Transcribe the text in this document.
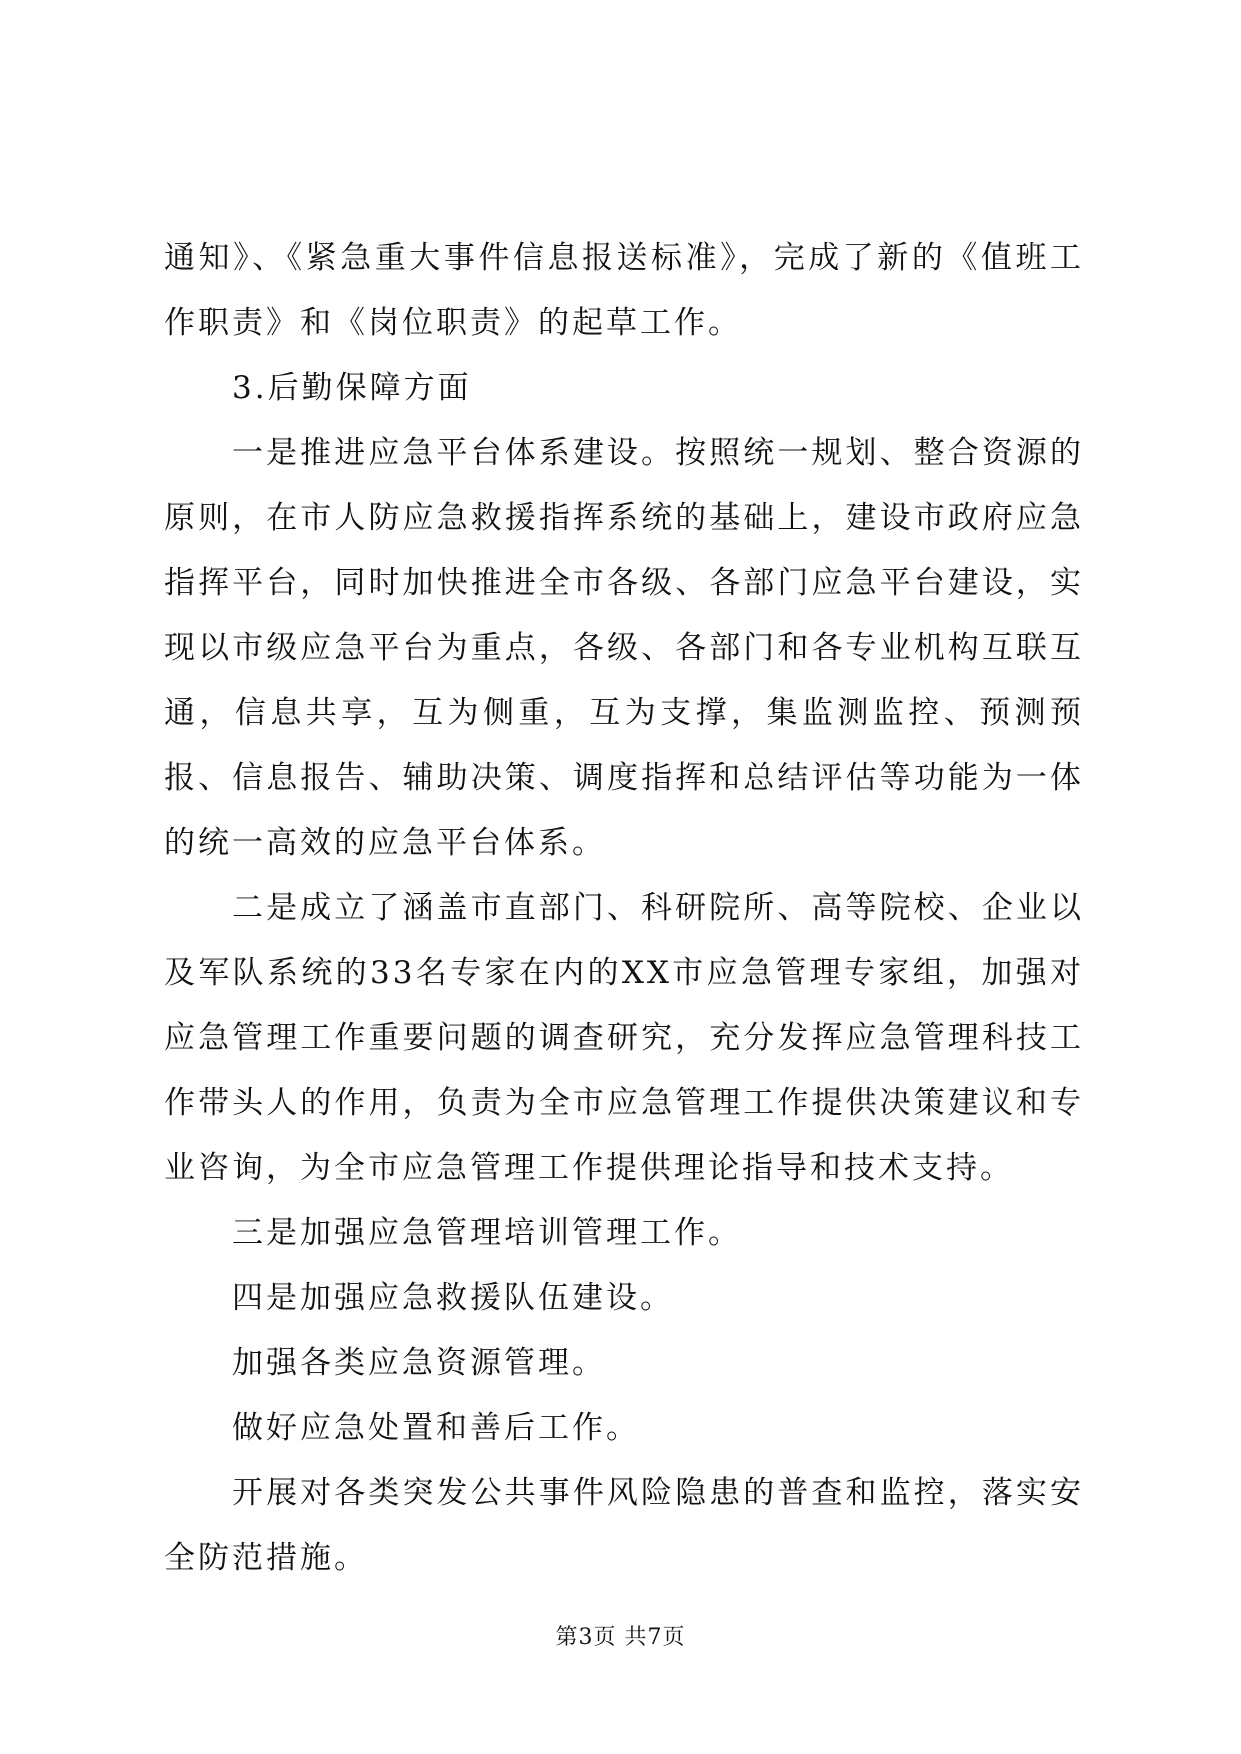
通知》、《紧急重大事件信息报送标准》，完成了新的《值班工作职责》和《岗位职责》的起草工作。

3.后勤保障方面

一是推进应急平台体系建设。按照统一规划、整合资源的原则，在市人防应急救援指挥系统的基础上，建设市政府应急指挥平台，同时加快推进全市各级、各部门应急平台建设，实现以市级应急平台为重点，各级、各部门和各专业机构互联互通，信息共享，互为侧重，互为支撑，集监测监控、预测预报、信息报告、辅助决策、调度指挥和总结评估等功能为一体的统一高效的应急平台体系。

二是成立了涵盖市直部门、科研院所、高等院校、企业以及军队系统的33名专家在内的XX市应急管理专家组，加强对应急管理工作重要问题的调查研究，充分发挥应急管理科技工作带头人的作用，负责为全市应急管理工作提供决策建议和专业咨询，为全市应急管理工作提供理论指导和技术支持。

三是加强应急管理培训管理工作。

四是加强应急救援队伍建设。

加强各类应急资源管理。

做好应急处置和善后工作。

开展对各类突发公共事件风险隐患的普查和监控，落实安全防范措施。

第3页 共7页
